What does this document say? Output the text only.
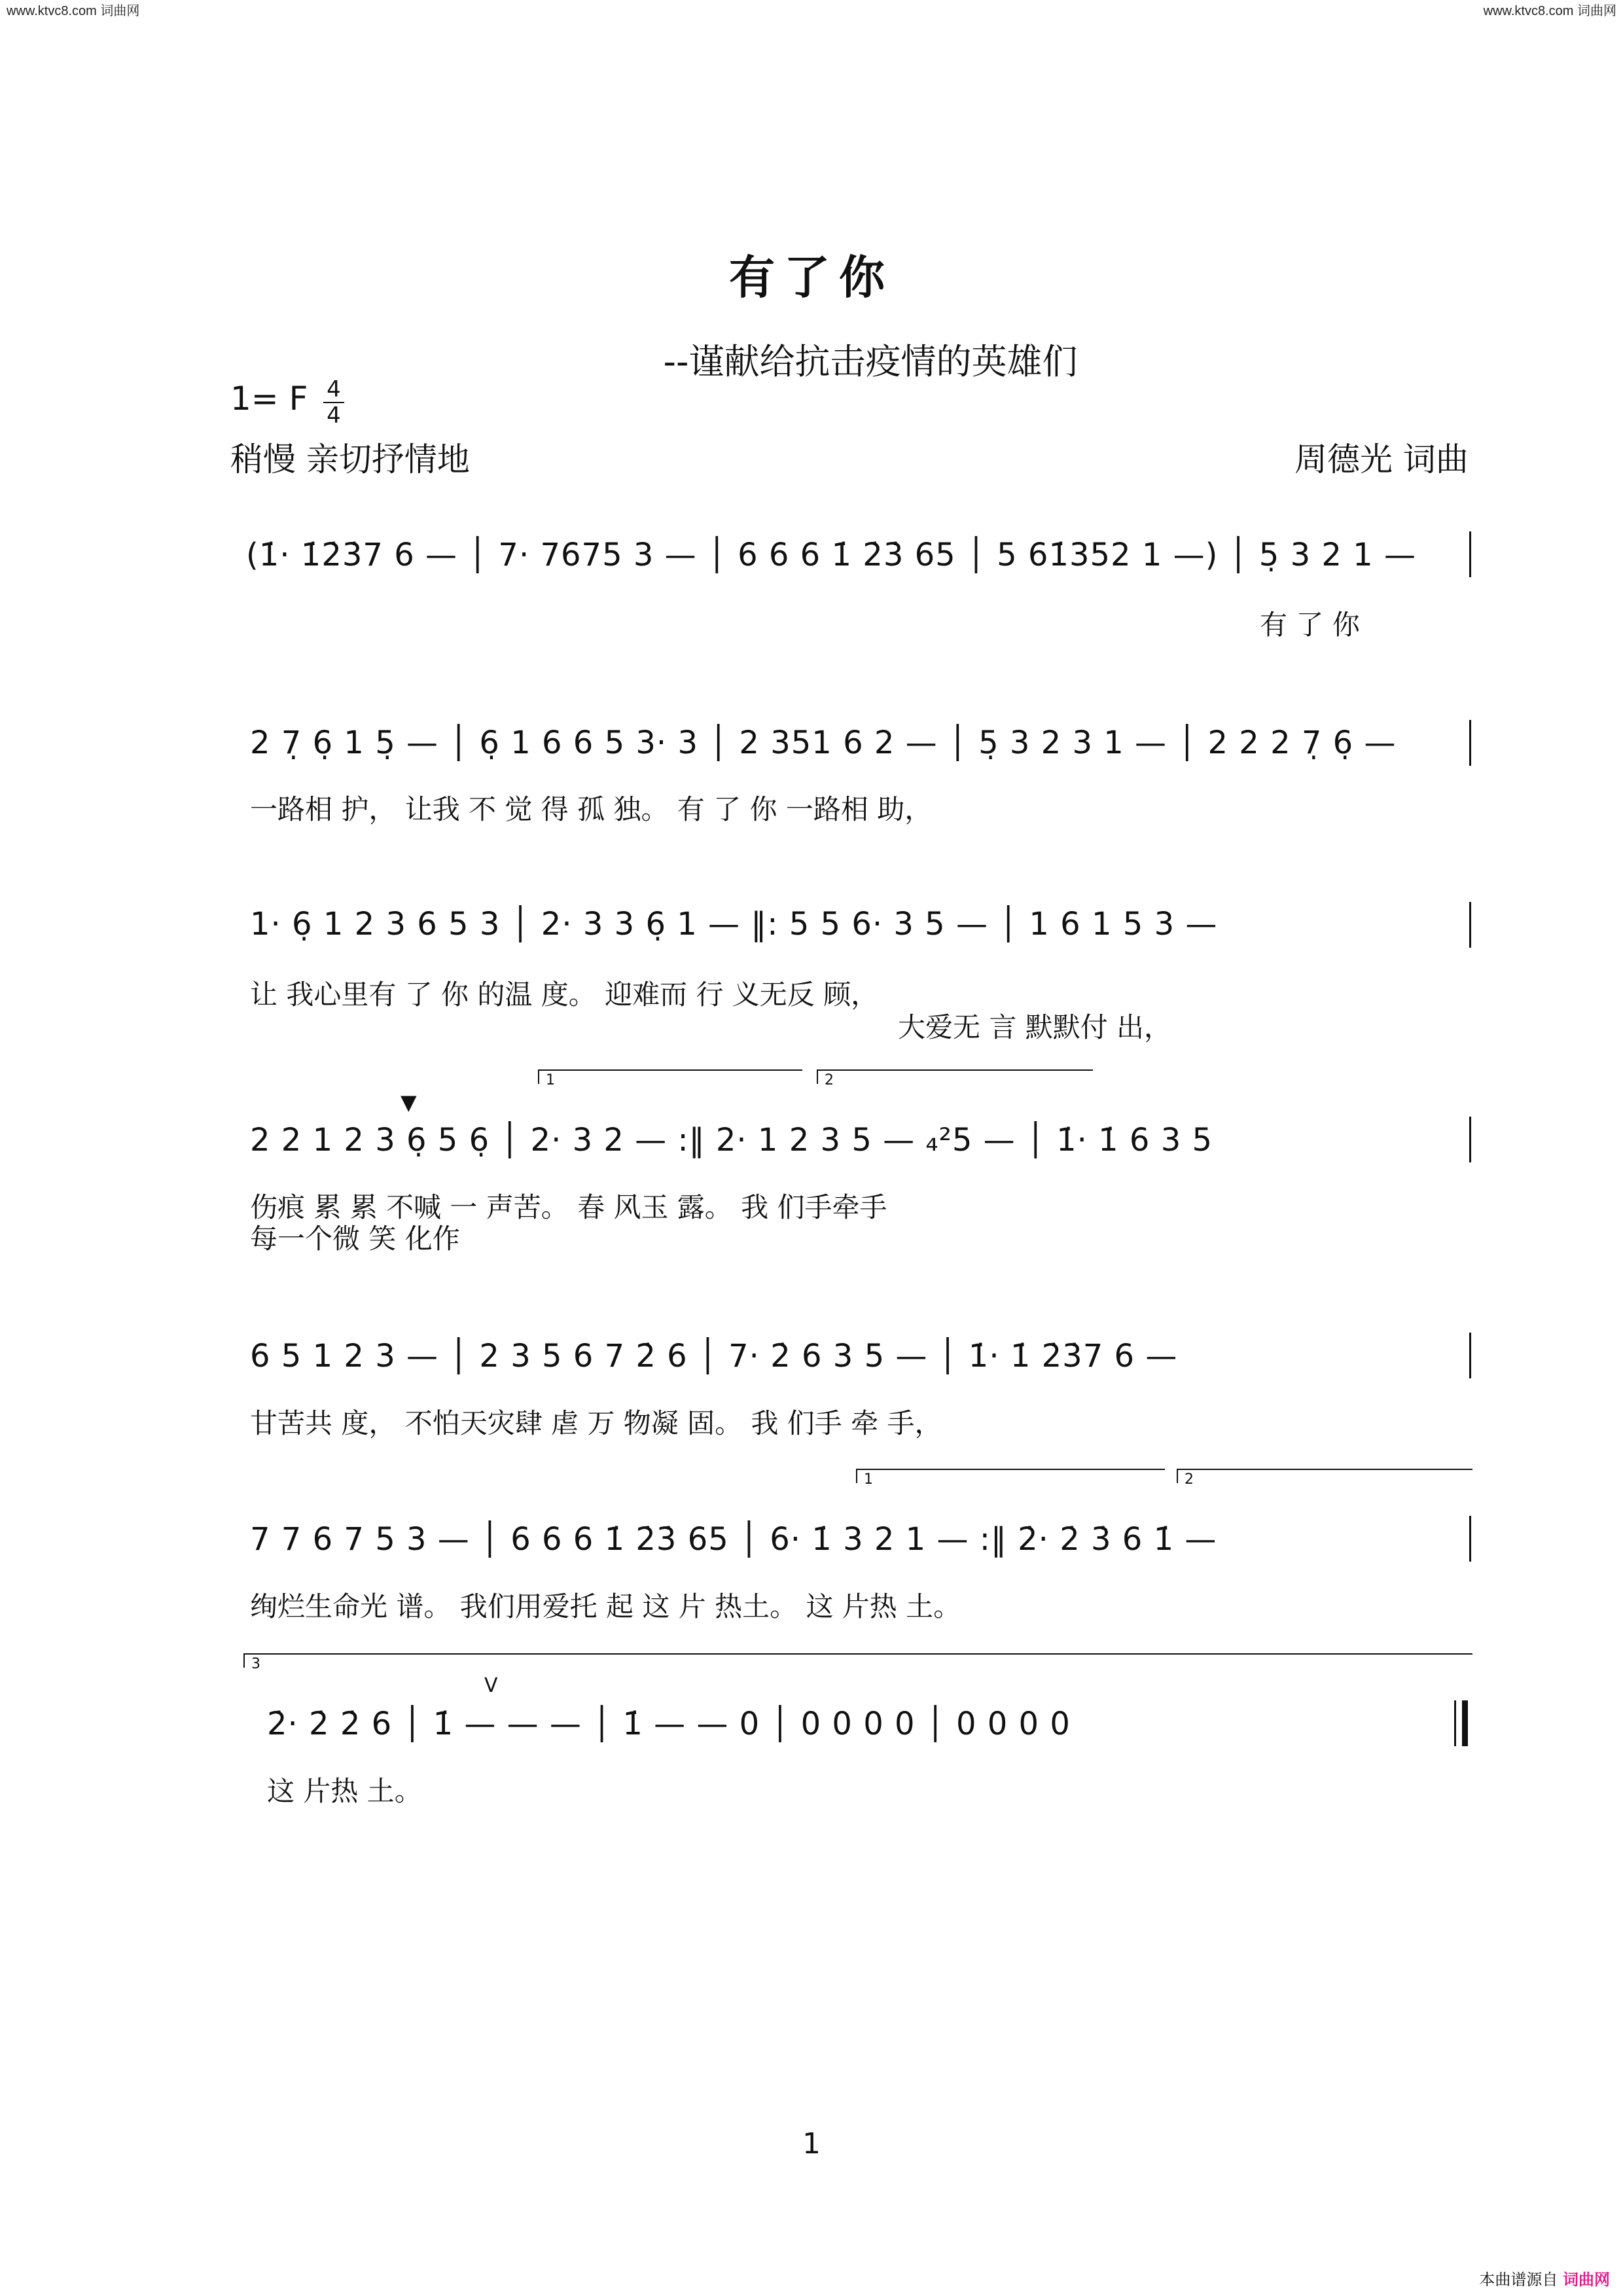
www.ktvc8.com 词曲网	www.ktvc8.com 词曲网
有了你
--谨献给抗击疫情的英雄们
1= F 4
4
稍慢 亲切抒情地	周德光 词曲
(1̇· 1̇2̇3̇7 6 — │ 7· 7675 3 — │ 6 6 6 1̇ 2̇3̇ 65 │ 5 61̇352 1 —) │ 5̣ 3 2 1 —
有 了 你
2 7̣ 6̣ 1 5̣ — │ 6̣ 1 6 6 5 3· 3 │ 2 351 6 2 — │ 5̣ 3 2 3 1 — │ 2 2 2 7̣ 6̣ —
一路相 护， 让我 不 觉 得 孤 独。 有 了 你 一路相 助，
1· 6̣ 1 2 3 6 5 3 │ 2· 3 3 6̣ 1 — ‖: 5 5 6· 3 5 — │ 1 6 1 5 3 —
让 我心里有 了 你 的温 度。 迎难而 行 义无反 顾，
大爱无 言 默默付 出，
1	2
2 2 1 2 3 6̣ 5 6̣ │ 2· 3 2 — :‖ 2· 1 2 3 5 — ₄²5 — │ 1̇· 1̇ 6 3 5
▼
伤痕 累 累 不喊 一 声苦。 春 风玉 露。 我 们手牵手
每一个微 笑 化作
6 5 1 2 3 — │ 2 3 5 6 7 2̇ 6 │ 7· 2̇ 6 3 5 — │ 1̇· 1̇ 2̇3̇7 6 —
甘苦共 度， 不怕天灾肆 虐 万 物凝 固。 我 们手 牵 手，
1	2
7 7 6 7 5 3 — │ 6 6 6 1̇ 2̇3̇ 65 │ 6· 1̇ 3 2 1 — :‖ 2̇· 2̇ 3̇ 6 1̇ —
绚烂生命光 谱。 我们用爱托 起 这 片 热土。 这 片热 土。
3
2̇· 2̇ 2̇ 6 │ 1̇ — — — │ 1̇ — — 0 │ 0 0 0 0 │ 0 0 0 0
V
这 片热 土。
1
本曲谱源自 词曲网
